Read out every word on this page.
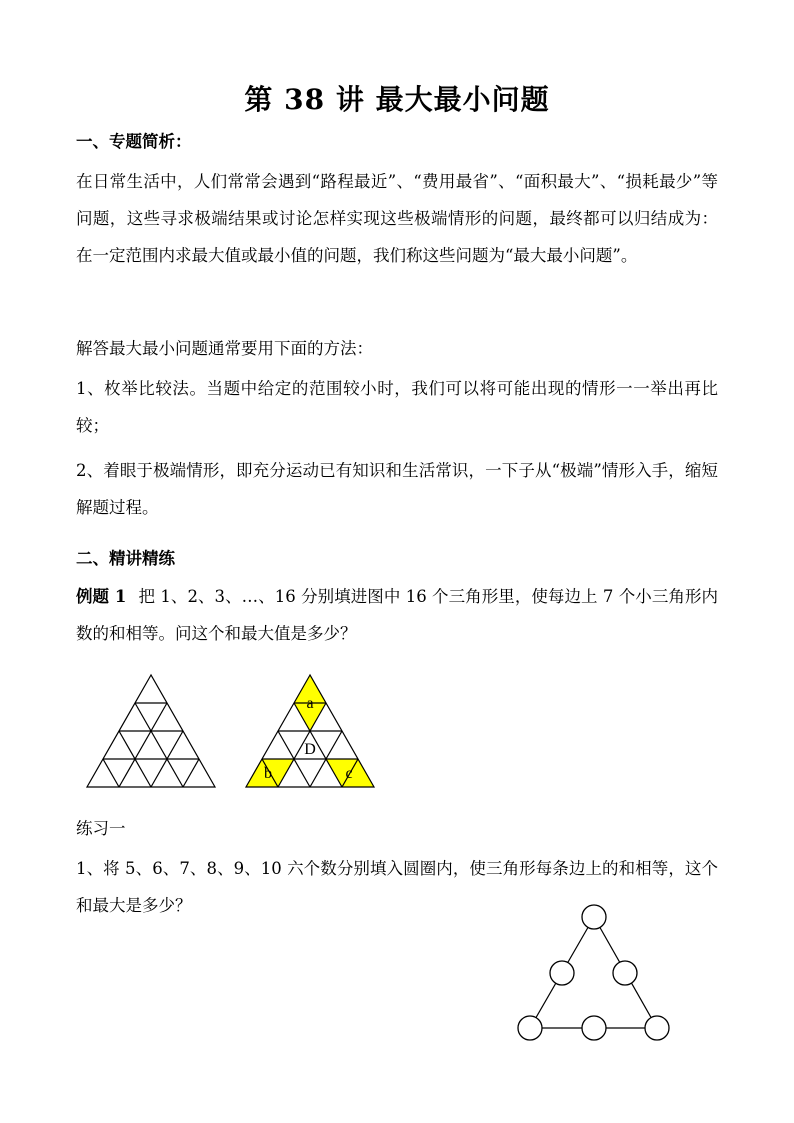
第 38 讲 最大最小问题
一、专题简析：

在日常生活中，人们常常会遇到“路程最近”、“费用最省”、“面积最大”、“损耗最少”等问题，这些寻求极端结果或讨论怎样实现这些极端情形的问题，最终都可以归结成为：在一定范围内求最大值或最小值的问题，我们称这些问题为“最大最小问题”。

解答最大最小问题通常要用下面的方法：

1、枚举比较法。当题中给定的范围较小时，我们可以将可能出现的情形一一举出再比较；

2、着眼于极端情形，即充分运动已有知识和生活常识，一下子从“极端”情形入手，缩短解题过程。

二、精讲精练

例题 1 把 1、2、3、…、16 分别填进图中 16 个三角形里，使每边上 7 个小三角形内数的和相等。问这个和最大值是多少？

a
D
b	c

练习一

1、将 5、6、7、8、9、10 六个数分别填入圆圈内，使三角形每条边上的和相等，这个和最大是多少？
